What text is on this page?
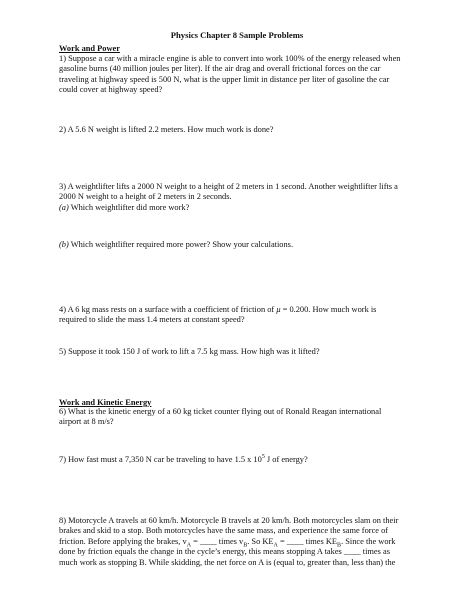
Physics Chapter 8 Sample Problems
Work and Power
1) Suppose a car with a miracle engine is able to convert into work 100% of the energy released when
gasoline burns (40 million joules per liter). If the air drag and overall frictional forces on the car
traveling at highway speed is 500 N, what is the upper limit in distance per liter of gasoline the car
could cover at highway speed?
2) A 5.6 N weight is lifted 2.2 meters. How much work is done?
3) A weightlifter lifts a 2000 N weight to a height of 2 meters in 1 second. Another weightlifter lifts a
2000 N weight to a height of 2 meters in 2 seconds.
(a) Which weightlifter did more work?
(b) Which weightlifter required more power? Show your calculations.
4) A 6 kg mass rests on a surface with a coefficient of friction of μ = 0.200. How much work is
required to slide the mass 1.4 meters at constant speed?
5) Suppose it took 150 J of work to lift a 7.5 kg mass. How high was it lifted?
Work and Kinetic Energy
6) What is the kinetic energy of a 60 kg ticket counter flying out of Ronald Reagan international
airport at 8 m/s?
7) How fast must a 7,350 N car be traveling to have 1.5 x $10^5$ J of energy?
8) Motorcycle A travels at 60 km/h. Motorcycle B travels at 20 km/h. Both motorcycles slam on their
brakes and skid to a stop. Both motorcycles have the same mass, and experience the same force of
friction. Before applying the brakes, $v_A$ = ____ times $v_B$. So $KE_A$ = ____ times $KE_B$. Since the work
done by friction equals the change in the cycle’s energy, this means stopping A takes ____ times as
much work as stopping B. While skidding, the net force on A is (equal to, greater than, less than) the
